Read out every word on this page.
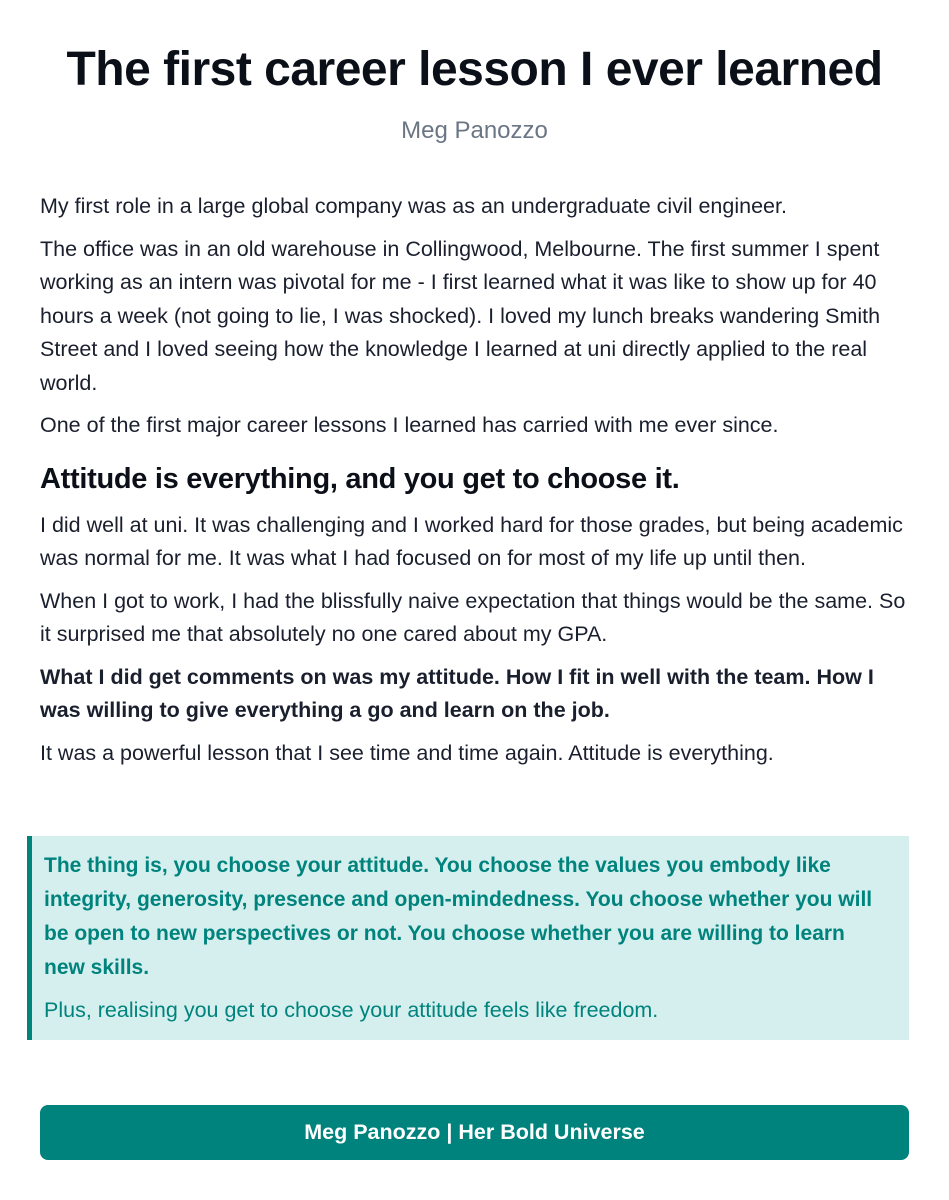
The first career lesson I ever learned
Meg Panozzo

My first role in a large global company was as an undergraduate civil engineer.

The office was in an old warehouse in Collingwood, Melbourne. The first summer I spent working as an intern was pivotal for me - I first learned what it was like to show up for 40 hours a week (not going to lie, I was shocked). I loved my lunch breaks wandering Smith Street and I loved seeing how the knowledge I learned at uni directly applied to the real world.

One of the first major career lessons I learned has carried with me ever since.

Attitude is everything, and you get to choose it.

I did well at uni. It was challenging and I worked hard for those grades, but being academic was normal for me. It was what I had focused on for most of my life up until then.

When I got to work, I had the blissfully naive expectation that things would be the same. So it surprised me that absolutely no one cared about my GPA.

What I did get comments on was my attitude. How I fit in well with the team. How I was willing to give everything a go and learn on the job.

It was a powerful lesson that I see time and time again. Attitude is everything.

The thing is, you choose your attitude. You choose the values you embody like integrity, generosity, presence and open-mindedness. You choose whether you will be open to new perspectives or not. You choose whether you are willing to learn new skills.

Plus, realising you get to choose your attitude feels like freedom.

Meg Panozzo | Her Bold Universe
